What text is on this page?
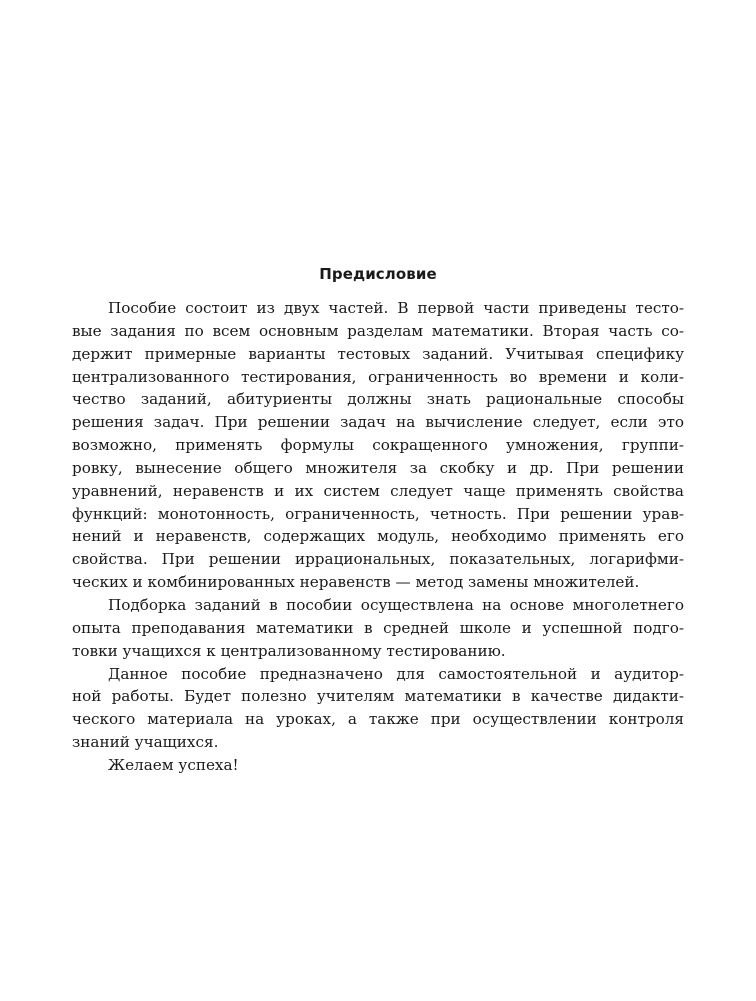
Предисловие
Пособие состоит из двух частей. В первой части приведены тесто-
вые задания по всем основным разделам математики. Вторая часть со-
держит примерные варианты тестовых заданий. Учитывая специфику
централизованного тестирования, ограниченность во времени и коли-
чество заданий, абитуриенты должны знать рациональные способы
решения задач. При решении задач на вычисление следует, если это
возможно, применять формулы сокращенного умножения, группи-
ровку, вынесение общего множителя за скобку и др. При решении
уравнений, неравенств и их систем следует чаще применять свойства
функций: монотонность, ограниченность, четность. При решении урав-
нений и неравенств, содержащих модуль, необходимо применять его
свойства. При решении иррациональных, показательных, логарифми-
ческих и комбинированных неравенств — метод замены множителей.
Подборка заданий в пособии осуществлена на основе многолетнего
опыта преподавания математики в средней школе и успешной подго-
товки учащихся к централизованному тестированию.
Данное пособие предназначено для самостоятельной и аудитор-
ной работы. Будет полезно учителям математики в качестве дидакти-
ческого материала на уроках, а также при осуществлении контроля
знаний учащихся.
Желаем успеха!
